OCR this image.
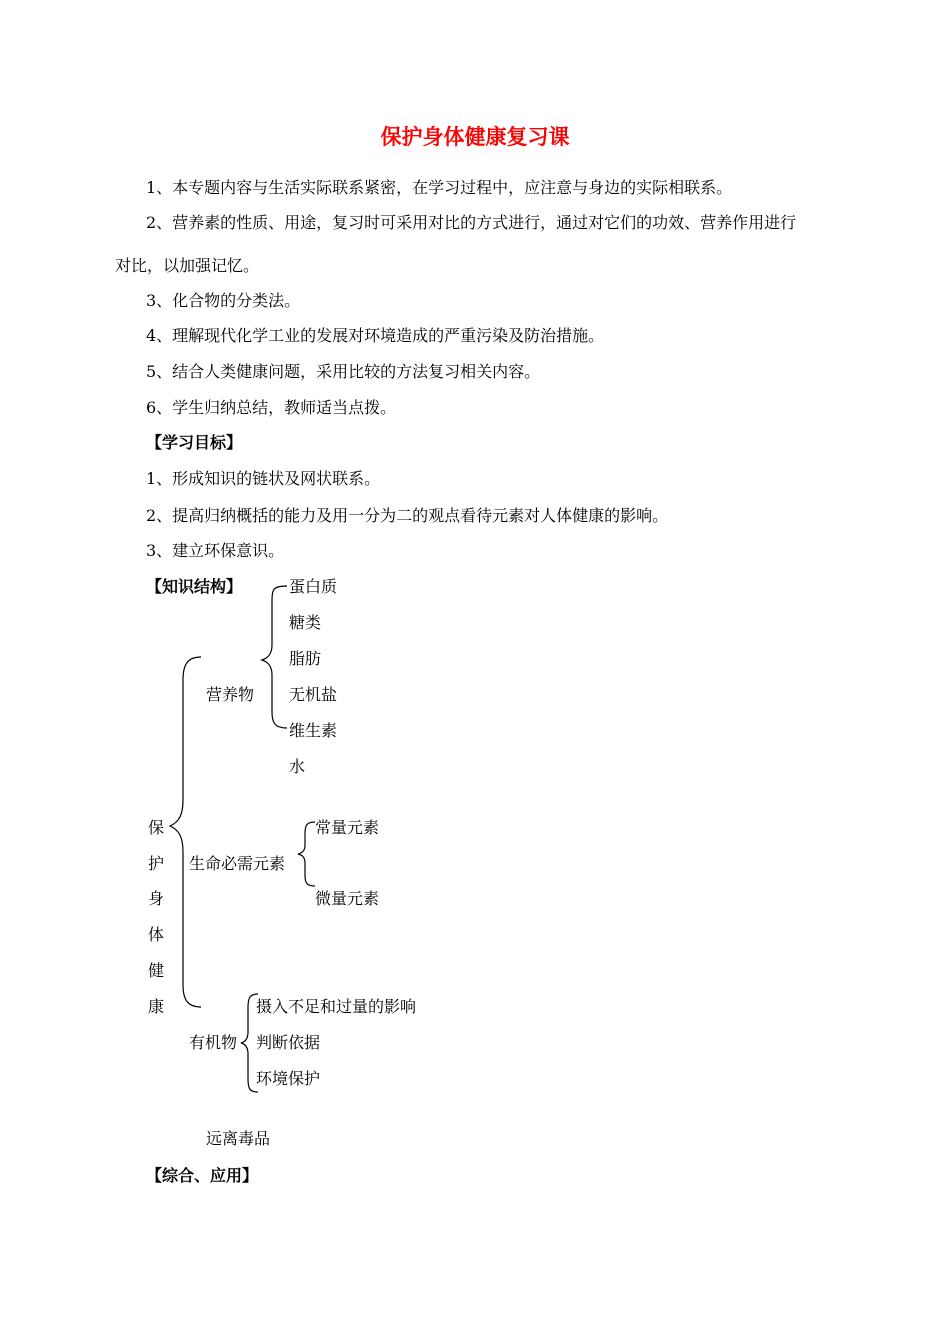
保护身体健康复习课
1、本专题内容与生活实际联系紧密，在学习过程中，应注意与身边的实际相联系。
2、营养素的性质、用途，复习时可采用对比的方式进行，通过对它们的功效、营养作用进行
对比，以加强记忆。
3、化合物的分类法。
4、理解现代化学工业的发展对环境造成的严重污染及防治措施。
5、结合人类健康问题，采用比较的方法复习相关内容。
6、学生归纳总结，教师适当点拨。
【学习目标】
1、形成知识的链状及网状联系。
2、提高归纳概括的能力及用一分为二的观点看待元素对人体健康的影响。
3、建立环保意识。
【知识结构】	蛋白质
糖类
脂肪
无机盐
维生素
水
营养物
保
护
身
体
健
康
生命必需元素
常量元素
微量元素
有机物
摄入不足和过量的影响
判断依据
环境保护
远离毒品
【综合、应用】
